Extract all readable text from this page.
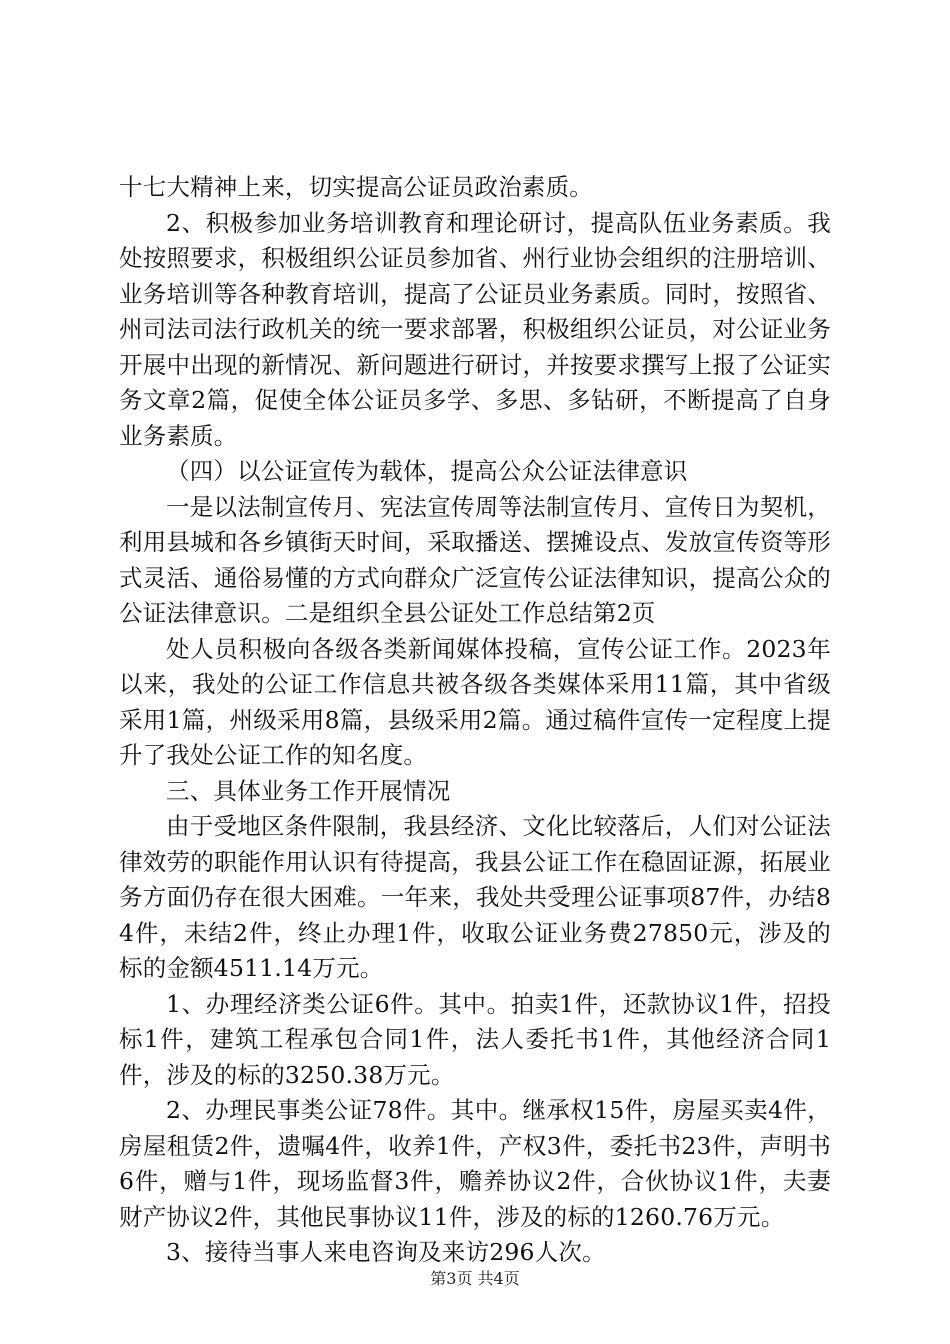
十七大精神上来，切实提高公证员政治素质。

2、积极参加业务培训教育和理论研讨，提高队伍业务素质。我处按照要求，积极组织公证员参加省、州行业协会组织的注册培训、业务培训等各种教育培训，提高了公证员业务素质。同时，按照省、州司法司法行政机关的统一要求部署，积极组织公证员，对公证业务开展中出现的新情况、新问题进行研讨，并按要求撰写上报了公证实务文章2篇，促使全体公证员多学、多思、多钻研，不断提高了自身业务素质。

（四）以公证宣传为载体，提高公众公证法律意识

一是以法制宣传月、宪法宣传周等法制宣传月、宣传日为契机，利用县城和各乡镇街天时间，采取播送、摆摊设点、发放宣传资等形式灵活、通俗易懂的方式向群众广泛宣传公证法律知识，提高公众的公证法律意识。二是组织全县公证处工作总结第2页

处人员积极向各级各类新闻媒体投稿，宣传公证工作。2023年以来，我处的公证工作信息共被各级各类媒体采用11篇，其中省级采用1篇，州级采用8篇，县级采用2篇。通过稿件宣传一定程度上提升了我处公证工作的知名度。

三、具体业务工作开展情况

由于受地区条件限制，我县经济、文化比较落后，人们对公证法律效劳的职能作用认识有待提高，我县公证工作在稳固证源，拓展业务方面仍存在很大困难。一年来，我处共受理公证事项87件，办结84件，未结2件，终止办理1件，收取公证业务费27850元，涉及的标的金额4511.14万元。

1、办理经济类公证6件。其中。拍卖1件，还款协议1件，招投标1件，建筑工程承包合同1件，法人委托书1件，其他经济合同1件，涉及的标的3250.38万元。

2、办理民事类公证78件。其中。继承权15件，房屋买卖4件，房屋租赁2件，遗嘱4件，收养1件，产权3件，委托书23件，声明书6件，赠与1件，现场监督3件，赡养协议2件，合伙协议1件，夫妻财产协议2件，其他民事协议11件，涉及的标的1260.76万元。

3、接待当事人来电咨询及来访296人次。

第3页 共4页
